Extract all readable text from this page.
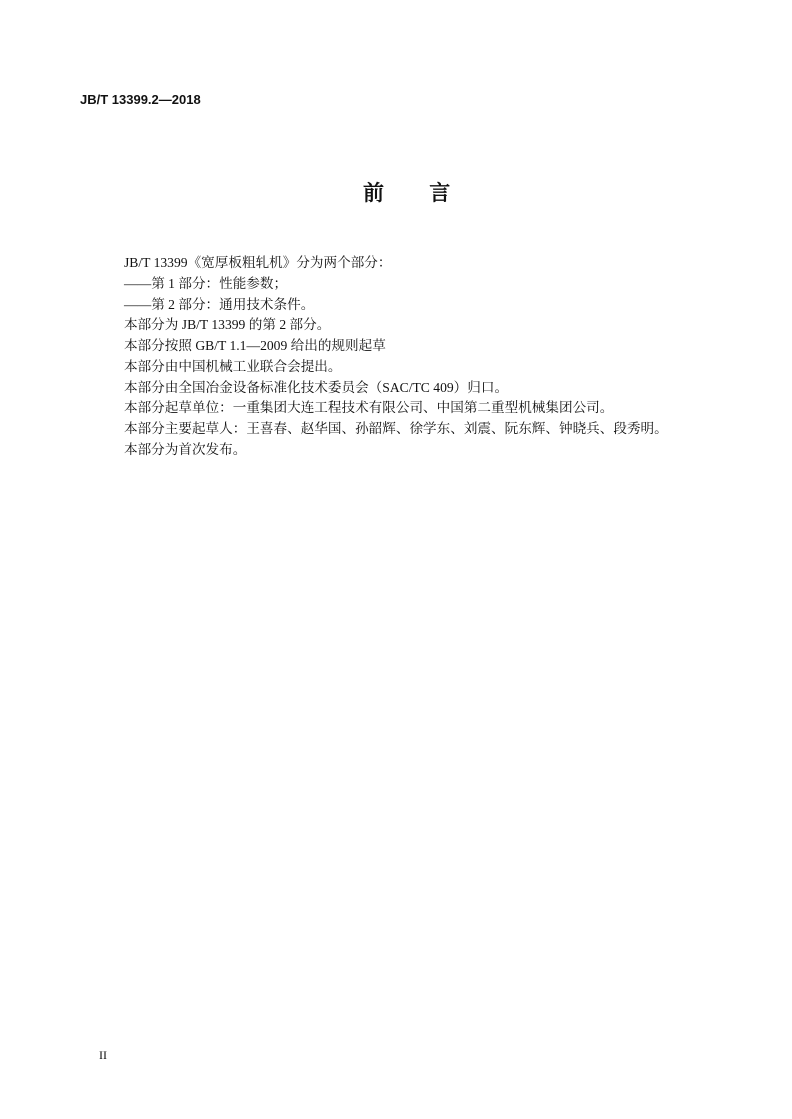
JB/T 13399.2—2018
前 言
JB/T 13399《宽厚板粗轧机》分为两个部分：
——第 1 部分：性能参数；
——第 2 部分：通用技术条件。
本部分为 JB/T 13399 的第 2 部分。
本部分按照 GB/T 1.1—2009 给出的规则起草
本部分由中国机械工业联合会提出。
本部分由全国冶金设备标准化技术委员会（SAC/TC 409）归口。
本部分起草单位：一重集团大连工程技术有限公司、中国第二重型机械集团公司。
本部分主要起草人：王喜春、赵华国、孙韶辉、徐学东、刘震、阮东辉、钟晓兵、段秀明。
本部分为首次发布。
II
